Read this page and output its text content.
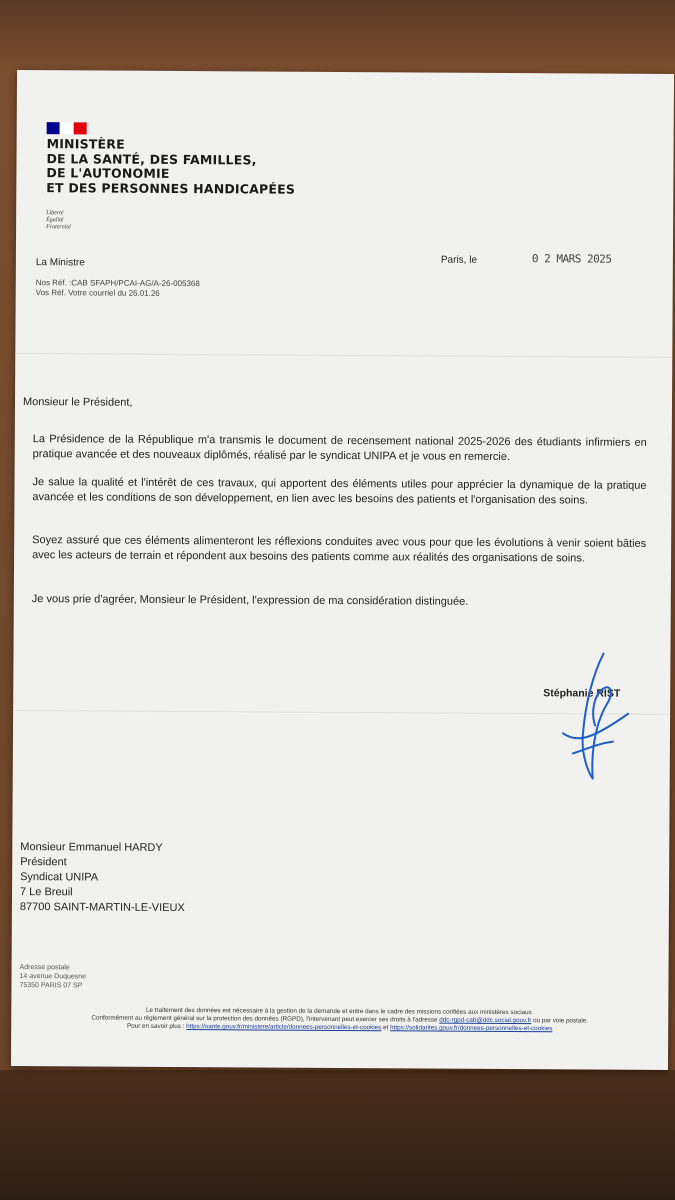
MINISTÈRE
DE LA SANTÉ, DES FAMILLES,
DE L'AUTONOMIE
ET DES PERSONNES HANDICAPÉES
Liberté
Égalité
Fraternité
La Ministre	Paris, le	0 2 MARS 2025
Nos Réf. :CAB SFAPH/PCAI-AG/A-26-005368
Vos Réf. Votre courriel du 26.01.26
Monsieur le Président,
La Présidence de la République m'a transmis le document de recensement national 2025-2026 des étudiants infirmiers en pratique avancée et des nouveaux diplômés, réalisé par le syndicat UNIPA et je vous en remercie.
Je salue la qualité et l'intérêt de ces travaux, qui apportent des éléments utiles pour apprécier la dynamique de la pratique avancée et les conditions de son développement, en lien avec les besoins des patients et l'organisation des soins.
Soyez assuré que ces éléments alimenteront les réflexions conduites avec vous pour que les évolutions à venir soient bâties avec les acteurs de terrain et répondent aux besoins des patients comme aux réalités des organisations de soins.
Je vous prie d'agréer, Monsieur le Président, l'expression de ma considération distinguée.
Stéphanie RIST
Monsieur Emmanuel HARDY
Président
Syndicat UNIPA
7 Le Breuil
87700 SAINT-MARTIN-LE-VIEUX
Adresse postale
14 avenue Duquesne
75350 PARIS 07 SP
Le traitement des données est nécessaire à la gestion de la demande et entre dans le cadre des missions confiées aux ministères sociaux.
Conformément au règlement général sur la protection des données (RGPD), l'intervenant peut exercer ses droits à l'adresse ddc-rgpd-cab@ddc.social.gouv.fr ou par voie postale.
Pour en savoir plus : https://sante.gouv.fr/ministere/article/donnees-personnelles-et-cookies et https://solidarites.gouv.fr/donnees-personnelles-et-cookies
